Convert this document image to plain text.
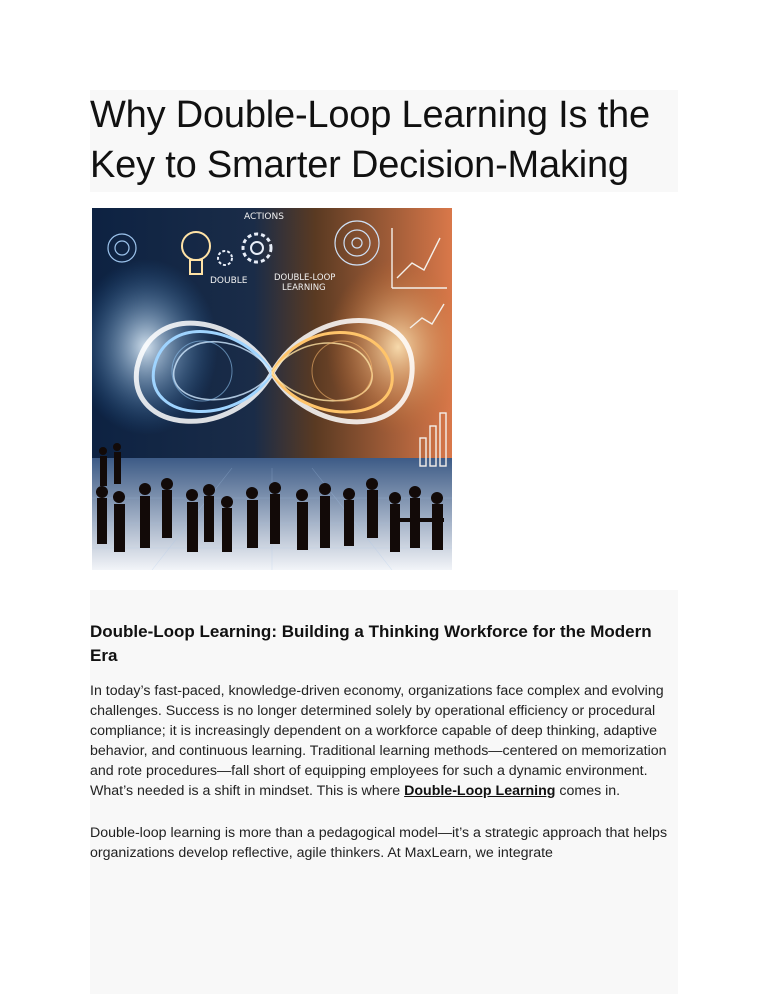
Why Double-Loop Learning Is the Key to Smarter Decision-Making
ACTIONS
DOUBLE	DOUBLE-LOOP
LEARNING
Double-Loop Learning: Building a Thinking Workforce for the Modern Era

In today’s fast-paced, knowledge-driven economy, organizations face complex and evolving challenges. Success is no longer determined solely by operational efficiency or procedural compliance; it is increasingly dependent on a workforce capable of deep thinking, adaptive behavior, and continuous learning. Traditional learning methods—centered on memorization and rote procedures—fall short of equipping employees for such a dynamic environment. What’s needed is a shift in mindset. This is where Double-Loop Learning comes in.

Double-loop learning is more than a pedagogical model—it’s a strategic approach that helps organizations develop reflective, agile thinkers. At MaxLearn, we integrate
